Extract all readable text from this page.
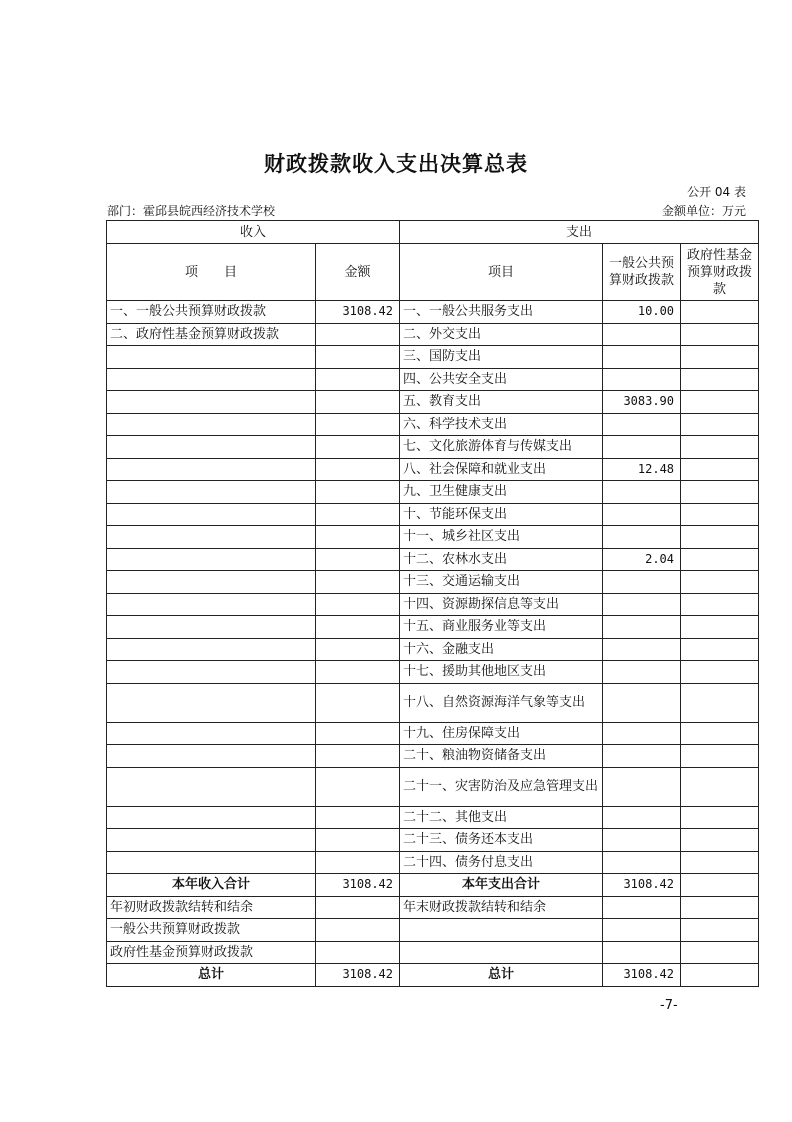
财政拨款收入支出决算总表
公开 04 表
部门：霍邱县皖西经济技术学校	金额单位：万元
收入		支出		
项　　目	金额	项目	一般公共预算财政拨款	政府性基金预算财政拨款
一、一般公共预算财政拨款	3108.42	一、一般公共服务支出	10.00	
二、政府性基金预算财政拨款		二、外交支出		
		三、国防支出		
		四、公共安全支出		
		五、教育支出	3083.90	
		六、科学技术支出		
		七、文化旅游体育与传媒支出		
		八、社会保障和就业支出	12.48	
		九、卫生健康支出		
		十、节能环保支出		
		十一、城乡社区支出		
		十二、农林水支出	2.04	
		十三、交通运输支出		
		十四、资源勘探信息等支出		
		十五、商业服务业等支出		
		十六、金融支出		
		十七、援助其他地区支出		
		十八、自然资源海洋气象等支出		
		十九、住房保障支出		
		二十、粮油物资储备支出		
		二十一、灾害防治及应急管理支出		
		二十二、其他支出		
		二十三、债务还本支出		
		二十四、债务付息支出		
本年收入合计	3108.42	本年支出合计	3108.42	
年初财政拨款结转和结余		年末财政拨款结转和结余		
一般公共预算财政拨款				
政府性基金预算财政拨款				
总计	3108.42	总计	3108.42	
-7-
